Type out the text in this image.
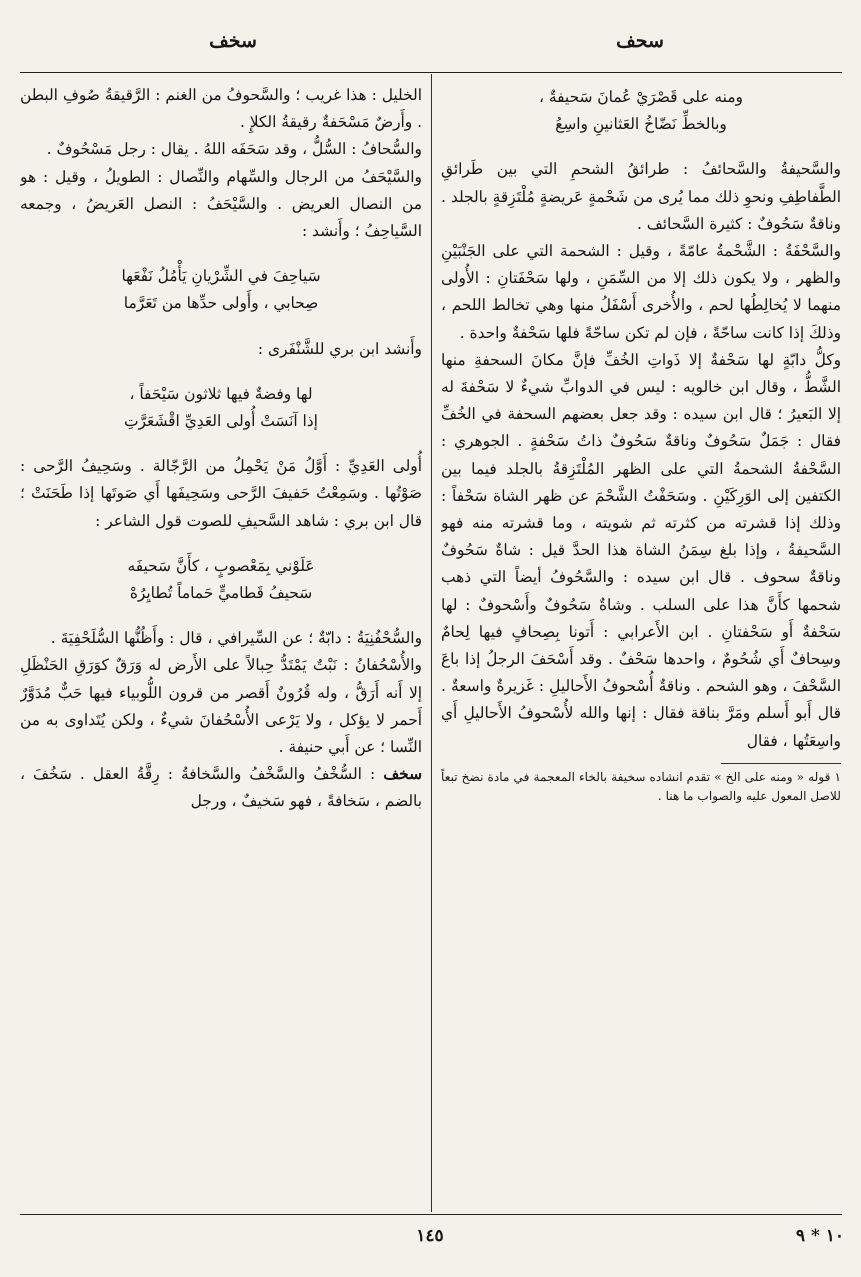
سحف
سخف
ومنه على قَصْرَيْ عُمانَ سَحيفةٌ ،
وبالخطِّ نَضّاخُ العَثانينِ واسِعُ

والسَّحيفةُ والسَّحائفُ : طرائقُ الشحمِ التي بين طَرائقِ الطَّفاطِفِ ونحوِ ذلك مما يُرى من شَحْمةٍ عَريضةٍ مُلْتَزِقةٍ بالجلد . وناقةٌ سَحُوفٌ : كثيرة السَّحائف .

والسَّحْفَةُ : الشَّحْمةُ عامّةً ، وقيل : الشحمة التي على الجَنْبَيْنِ والظهر ، ولا يكون ذلك إلا من السِّمَنِ ، ولها سَحْفَتانِ : الأُولى منهما لا يُخالِطُها لحم ، والأُخرى أَسْفَلُ منها وهي تخالط اللحم ، وذلكَ إذا كانت ساحّةً ، فإن لم تكن ساحّةً فلها سَحْفةٌ واحدة .

وكلُّ دابّةٍ لها سَحْفةٌ إلا ذَواتِ الخُفِّ فإنَّ مكانَ السحفةِ منها الشَّطُّ ، وقال ابن خالويه : ليس في الدوابِّ شيءٌ لا سَحْفةَ له إلا البَعيرُ ؛ قال ابن سيده : وقد جعل بعضهم السحفة في الخُفِّ فقال : جَمَلٌ سَحُوفٌ وناقةٌ سَحُوفٌ ذاتُ سَحْفةٍ . الجوهري : السَّحْفةُ الشحمةُ التي على الظهر المُلْتَزِقةُ بالجلد فيما بين الكتفين إلى الوَرِكَيْنِ . وسَحَفْتُ الشَّحْمَ عن ظهر الشاة سَحْفاً : وذلك إذا قشرته من كثرته ثم شويته ، وما قشرته منه فهو السَّحيفةُ ، وإذا بلغ سِمَنُ الشاة هذا الحدَّ قيل : شاةٌ سَحُوفٌ وناقةٌ سحوف . قال ابن سيده : والسَّحُوفُ أيضاً التي ذهب شحمها كأَنَّ هذا على السلب . وشاةٌ سَحُوفٌ وأَسْحوفٌ : لها سَحْفةٌ أَو سَحْفتانِ . ابن الأَعرابي : أَتونا بِصِحافٍ فيها لِحامٌ وسِحافٌ أَي شُحُومٌ ، واحدها سَحْفٌ . وقد أَسْحَفَ الرجلُ إذا باعَ السَّحْفَ ، وهو الشحم . وناقةٌ أُسْحوفُ الأَحاليلِ : غَزيرةٌ واسعةٌ . قال أَبو أَسلم ومَرَّ بناقة فقال : إنها والله لأُسْحوفُ الأَحاليلِ أَي واسِعَتُها ، فقال

١ قوله « ومنه على الخ » تقدم انشاده سخيفة بالخاء المعجمة في مادة نضخ تبعاً للاصل المعول عليه والصواب ما هنا .

الخليل : هذا غريب ؛ والسَّحوفُ من الغنم : الرَّقيقةُ صُوفِ البطن . وأَرضٌ مَسْحَفةٌ رقيقةُ الكلإِ .

والسُّحافُ : السُّلُّ ، وقد سَحَفَه اللهُ . يقال : رجل مَسْحُوفٌ .

والسَّيْحَفُ من الرجال والسِّهام والنِّصال : الطويلُ ، وقيل : هو من النصال العريض . والسَّيْحَفُ : النصل العَريضُ ، وجمعه السَّياحِفُ ؛ وأَنشد :

سَياحِفَ في الشِّرْيانِ يَأْمُلُ نَفْعَها
صِحابي ، وأَولى حدِّها من تَعَرَّما

وأَنشد ابن بري للشَّنْفَرى :

لها وفضةٌ فيها ثلاثون سَيْحَفاً ،
إذا آنَسَتْ أُولى العَدِيِّ اقْشَعَرَّتِ

أُولى العَدِيِّ : أَوَّلُ مَنْ يَحْمِلُ من الرَّجّالة . وسَحِيفُ الرَّحى : صَوْتُها . وسَمِعْتُ حَفيفَ الرَّحى وسَحِيفَها أَي صَوتَها إذا طَحَنَتْ ؛ قال ابن بري : شاهد السَّحيفِ للصوت قول الشاعر :

عَلَوْني بِمَعْصوبٍ ، كأَنَّ سَحيفَه
سَحيفُ قَطاميٍّ حَماماً تُطايِرُهْ

والسُّحْفُنِيَةُ : دابّةٌ ؛ عن السِّيرافي ، قال : وأَظُنُّها السُّلَحْفِيَةَ .

والأُسْحُفانُ : نَبْتٌ يَمْتَدُّ حِبالاً على الأَرض له وَرَقٌ كوَرَقِ الحَنْظَلِ إلا أَنه أَرَقُّ ، وله قُرُونٌ أَقصر من قرون اللُّوبياء فيها حَبٌّ مُدَوَّرٌ أَحمر لا يؤكل ، ولا يَرْعى الأُسْحُفانَ شيءٌ ، ولكن يُتَداوى به من النِّسا ؛ عن أَبي حنيفة .

سخف : السُّخْفُ والسَّخْفُ والسَّخافةُ : رِقَّةُ العقل . سَخُفَ ، بالضم ، سَخافةً ، فهو سَخيفٌ ، ورجل

١٤٥	١٠ * ٩
